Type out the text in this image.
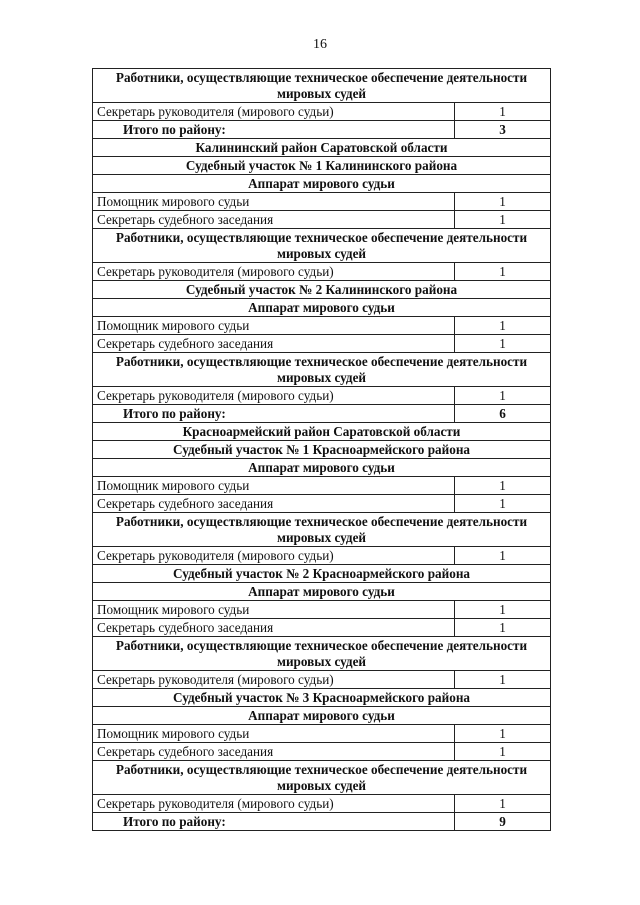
16
Работники, осуществляющие техническое обеспечение деятельности мировых судей	
Секретарь руководителя (мирового судьи)	1
Итого по району:	3
Калининский район Саратовской области	
Судебный участок № 1 Калининского района	
Аппарат мирового судьи	
Помощник мирового судьи	1
Секретарь судебного заседания	1
Работники, осуществляющие техническое обеспечение деятельности мировых судей	
Секретарь руководителя (мирового судьи)	1
Судебный участок № 2 Калининского района	
Аппарат мирового судьи	
Помощник мирового судьи	1
Секретарь судебного заседания	1
Работники, осуществляющие техническое обеспечение деятельности мировых судей	
Секретарь руководителя (мирового судьи)	1
Итого по району:	6
Красноармейский район Саратовской области	
Судебный участок № 1 Красноармейского района	
Аппарат мирового судьи	
Помощник мирового судьи	1
Секретарь судебного заседания	1
Работники, осуществляющие техническое обеспечение деятельности мировых судей	
Секретарь руководителя (мирового судьи)	1
Судебный участок № 2 Красноармейского района	
Аппарат мирового судьи	
Помощник мирового судьи	1
Секретарь судебного заседания	1
Работники, осуществляющие техническое обеспечение деятельности мировых судей	
Секретарь руководителя (мирового судьи)	1
Судебный участок № 3 Красноармейского района	
Аппарат мирового судьи	
Помощник мирового судьи	1
Секретарь судебного заседания	1
Работники, осуществляющие техническое обеспечение деятельности мировых судей	
Секретарь руководителя (мирового судьи)	1
Итого по району:	9
